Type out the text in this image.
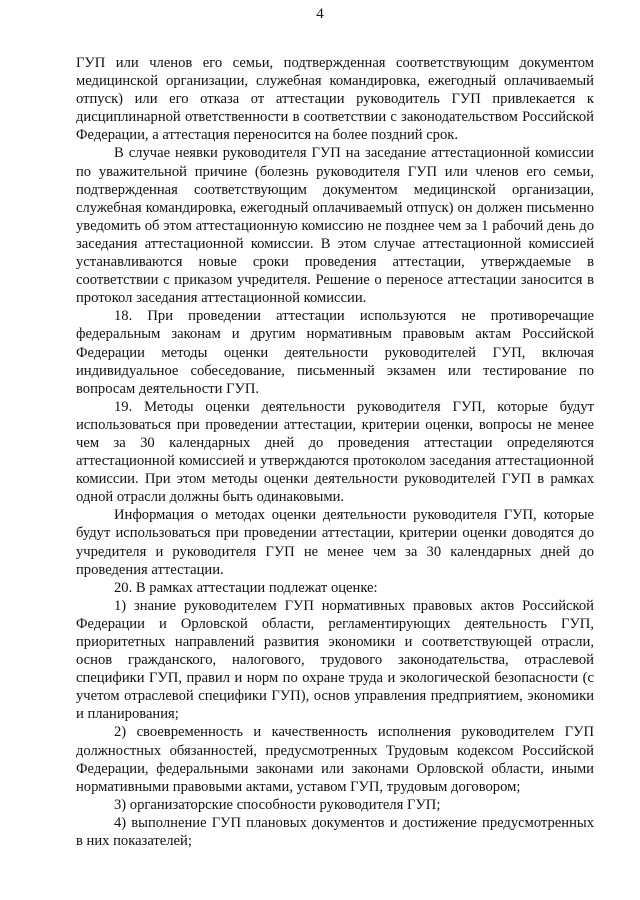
4

ГУП или членов его семьи, подтвержденная соответствующим документом медицинской организации, служебная командировка, ежегодный оплачиваемый отпуск) или его отказа от аттестации руководитель ГУП привлекается к дисциплинарной ответственности в соответствии с законодательством Российской Федерации, а аттестация переносится на более поздний срок.

В случае неявки руководителя ГУП на заседание аттестационной комиссии по уважительной причине (болезнь руководителя ГУП или членов его семьи, подтвержденная соответствующим документом медицинской организации, служебная командировка, ежегодный оплачиваемый отпуск) он должен письменно уведомить об этом аттестационную комиссию не позднее чем за 1 рабочий день до заседания аттестационной комиссии. В этом случае аттестационной комиссией устанавливаются новые сроки проведения аттестации, утверждаемые в соответствии с приказом учредителя. Решение о переносе аттестации заносится в протокол заседания аттестационной комиссии.

18. При проведении аттестации используются не противоречащие федеральным законам и другим нормативным правовым актам Российской Федерации методы оценки деятельности руководителей ГУП, включая индивидуальное собеседование, письменный экзамен или тестирование по вопросам деятельности ГУП.

19. Методы оценки деятельности руководителя ГУП, которые будут использоваться при проведении аттестации, критерии оценки, вопросы не менее чем за 30 календарных дней до проведения аттестации определяются аттестационной комиссией и утверждаются протоколом заседания аттестационной комиссии. При этом методы оценки деятельности руководителей ГУП в рамках одной отрасли должны быть одинаковыми.

Информация о методах оценки деятельности руководителя ГУП, которые будут использоваться при проведении аттестации, критерии оценки доводятся до учредителя и руководителя ГУП не менее чем за 30 календарных дней до проведения аттестации.

20. В рамках аттестации подлежат оценке:

1) знание руководителем ГУП нормативных правовых актов Российской Федерации и Орловской области, регламентирующих деятельность ГУП, приоритетных направлений развития экономики и соответствующей отрасли, основ гражданского, налогового, трудового законодательства, отраслевой специфики ГУП, правил и норм по охране труда и экологической безопасности (с учетом отраслевой специфики ГУП), основ управления предприятием, экономики и планирования;

2) своевременность и качественность исполнения руководителем ГУП должностных обязанностей, предусмотренных Трудовым кодексом Российской Федерации, федеральными законами или законами Орловской области, иными нормативными правовыми актами, уставом ГУП, трудовым договором;

3) организаторские способности руководителя ГУП;

4) выполнение ГУП плановых документов и достижение предусмотренных в них показателей;
